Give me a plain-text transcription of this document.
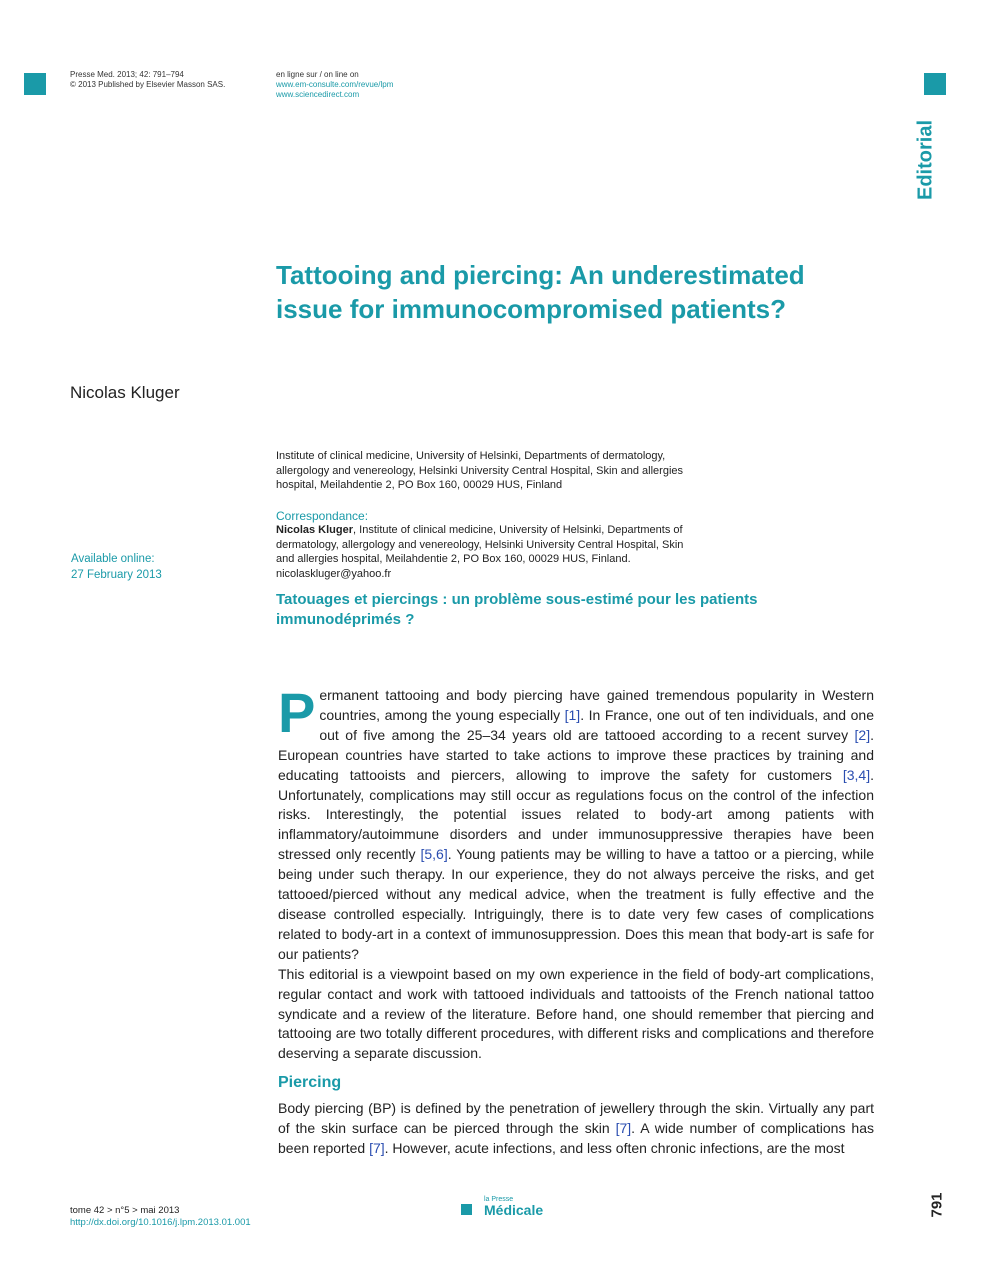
Presse Med. 2013; 42: 791–794
© 2013 Published by Elsevier Masson SAS.
en ligne sur / on line on
www.em-consulte.com/revue/lpm
www.sciencedirect.com
Editorial
Tattooing and piercing: An underestimated issue for immunocompromised patients?
Nicolas Kluger
Institute of clinical medicine, University of Helsinki, Departments of dermatology, allergology and venereology, Helsinki University Central Hospital, Skin and allergies hospital, Meilahdentie 2, PO Box 160, 00029 HUS, Finland
Correspondance:
Nicolas Kluger, Institute of clinical medicine, University of Helsinki, Departments of dermatology, allergology and venereology, Helsinki University Central Hospital, Skin and allergies hospital, Meilahdentie 2, PO Box 160, 00029 HUS, Finland.
nicolaskluger@yahoo.fr
Available online:
27 February 2013
Tatouages et piercings : un problème sous-estimé pour les patients immunodéprimés ?

Permanent tattooing and body piercing have gained tremendous popularity in Western countries, among the young especially [1]. In France, one out of ten individuals, and one out of five among the 25–34 years old are tattooed according to a recent survey [2]. European countries have started to take actions to improve these practices by training and educating tattooists and piercers, allowing to improve the safety for customers [3,4]. Unfortunately, complications may still occur as regulations focus on the control of the infection risks. Interestingly, the potential issues related to body-art among patients with inflammatory/autoimmune disorders and under immunosuppressive therapies have been stressed only recently [5,6]. Young patients may be willing to have a tattoo or a piercing, while being under such therapy. In our experience, they do not always perceive the risks, and get tattooed/pierced without any medical advice, when the treatment is fully effective and the disease controlled especially. Intriguingly, there is to date very few cases of complications related to body-art in a context of immunosuppression. Does this mean that body-art is safe for our patients?

This editorial is a viewpoint based on my own experience in the field of body-art complications, regular contact and work with tattooed individuals and tattooists of the French national tattoo syndicate and a review of the literature. Before hand, one should remember that piercing and tattooing are two totally different procedures, with different risks and complications and therefore deserving a separate discussion.

Piercing

Body piercing (BP) is defined by the penetration of jewellery through the skin. Virtually any part of the skin surface can be pierced through the skin [7]. A wide number of complications has been reported [7]. However, acute infections, and less often chronic infections, are the most

tome 42 > n°5 > mai 2013
http://dx.doi.org/10.1016/j.lpm.2013.01.001
la Presse
Médicale	791
